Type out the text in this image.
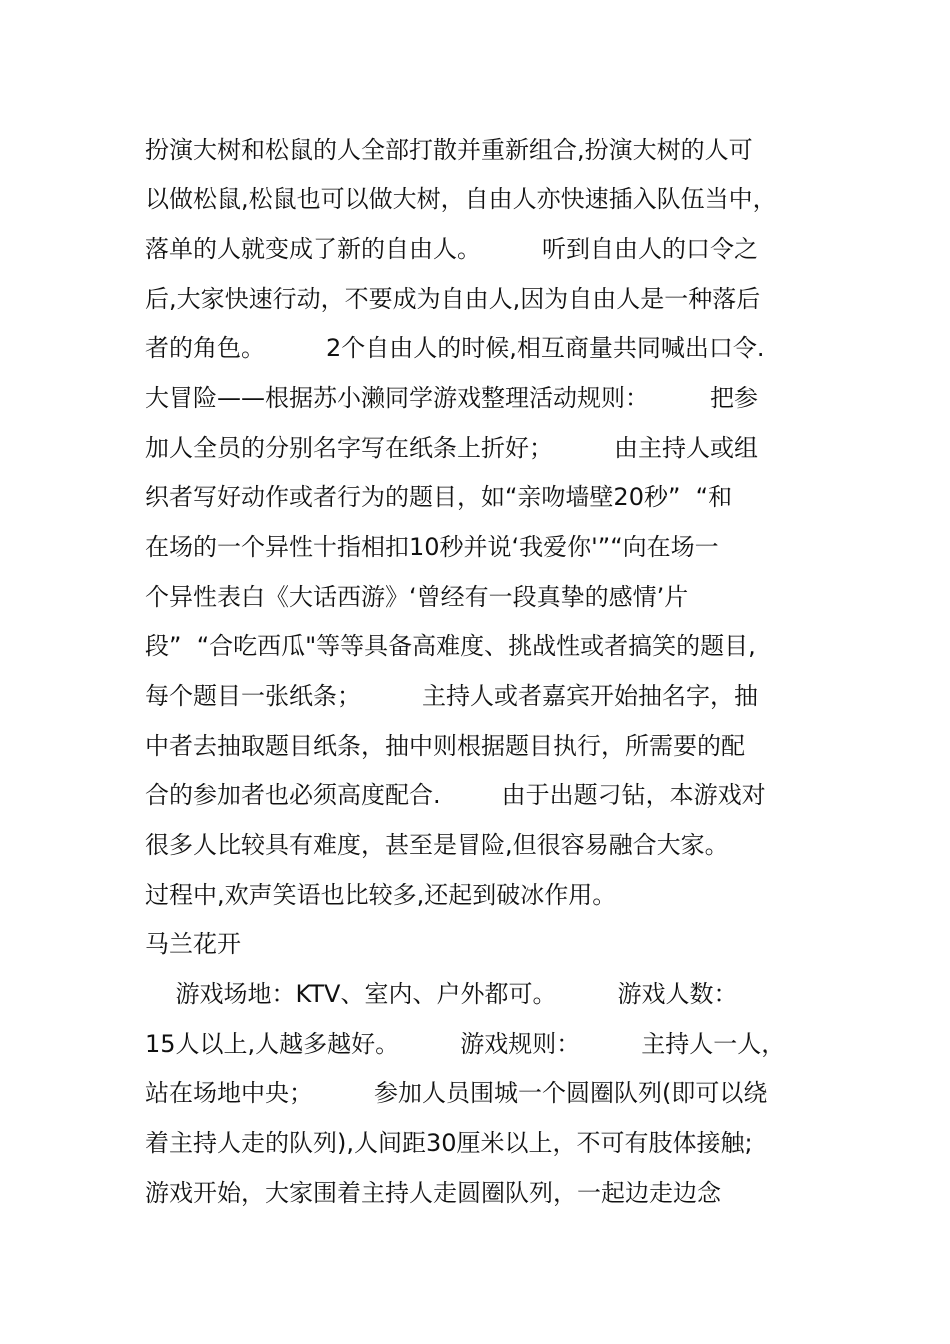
扮演大树和松鼠的人全部打散并重新组合,扮演大树的人可
以做松鼠,松鼠也可以做大树，自由人亦快速插入队伍当中，
落单的人就变成了新的自由人。        听到自由人的口令之
后,大家快速行动，不要成为自由人,因为自由人是一种落后
者的角色。        2个自由人的时候,相互商量共同喊出口令.
大冒险——根据苏小濑同学游戏整理活动规则：        把参
加人全员的分别名字写在纸条上折好；        由主持人或组
织者写好动作或者行为的题目，如“亲吻墙壁20秒”  “和
在场的一个异性十指相扣10秒并说‘我爱你'”“向在场一
个异性表白《大话西游》‘曾经有一段真挚的感情’片
段”  “合吃西瓜"等等具备高难度、挑战性或者搞笑的题目,
每个题目一张纸条；        主持人或者嘉宾开始抽名字，抽
中者去抽取题目纸条，抽中则根据题目执行，所需要的配
合的参加者也必须高度配合.        由于出题刁钻，本游戏对
很多人比较具有难度，甚至是冒险,但很容易融合大家。
过程中,欢声笑语也比较多,还起到破冰作用。
马兰花开
游戏场地：KTV、室内、户外都可。        游戏人数：
15人以上,人越多越好。        游戏规则：        主持人一人，
站在场地中央；        参加人员围城一个圆圈队列(即可以绕
着主持人走的队列),人间距30厘米以上，不可有肢体接触;
游戏开始，大家围着主持人走圆圈队列，一起边走边念
